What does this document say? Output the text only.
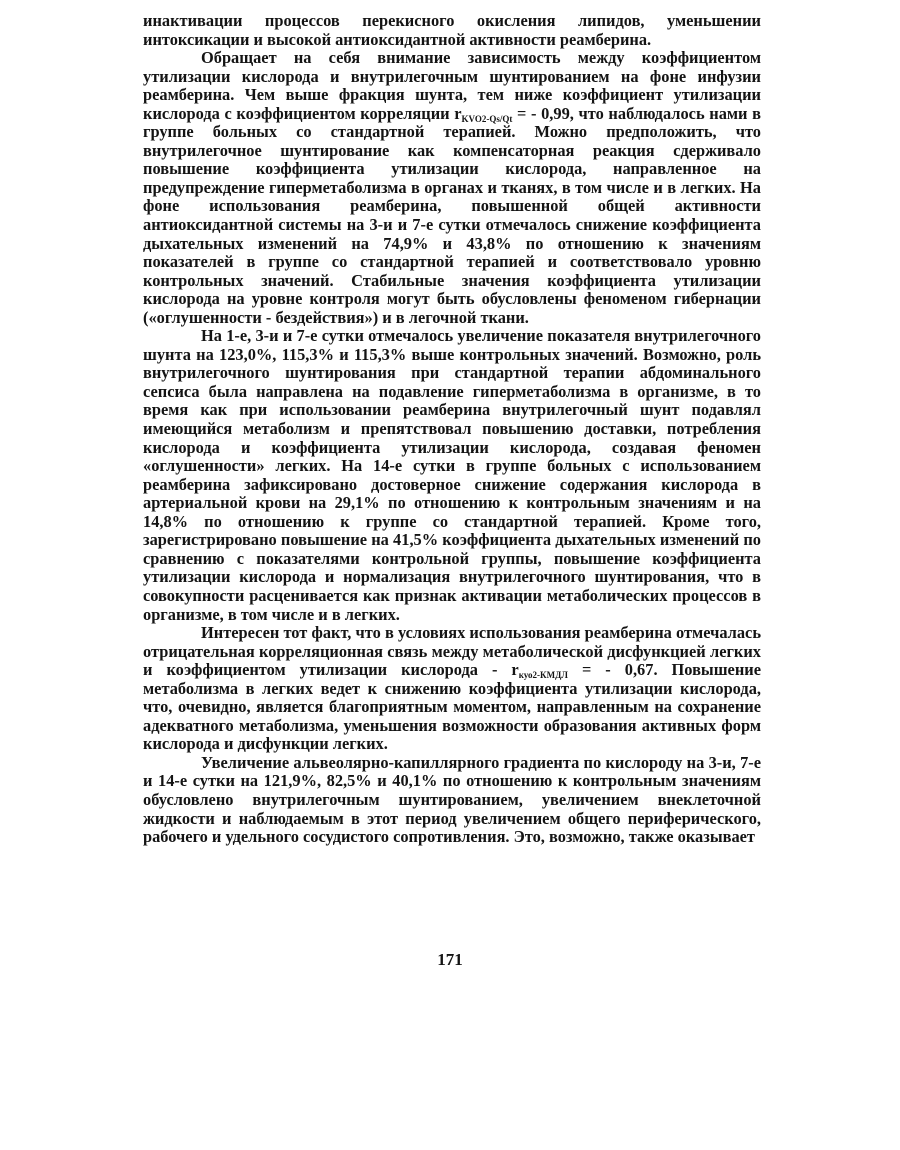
инактивации процессов перекисного окисления липидов, уменьшении интоксикации и высокой антиоксидантной активности реамберина.

Обращает на себя внимание зависимость между коэффициентом утилизации кислорода и внутрилегочным шунтированием на фоне инфузии реамберина. Чем выше фракция шунта, тем ниже коэффициент утилизации кислорода с коэффициентом корреляции $r_{KVO2-Qs/Qt}$ = - 0,99, что наблюдалось нами в группе больных со стандартной терапией. Можно предположить, что внутрилегочное шунтирование как компенсаторная реакция сдерживало повышение коэффициента утилизации кислорода, направленное на предупреждение гиперметаболизма в органах и тканях, в том числе и в легких. На фоне использования реамберина, повышенной общей активности антиоксидантной системы на 3-и и 7-е сутки отмечалось снижение коэффициента дыхательных изменений на 74,9% и 43,8% по отношению к значениям показателей в группе со стандартной терапией и соответствовало уровню контрольных значений. Стабильные значения коэффициента утилизации кислорода на уровне контроля могут быть обусловлены феноменом гибернации («оглушенности - бездействия») и в легочной ткани.

На 1-е, 3-и и 7-е сутки отмечалось увеличение показателя внутрилегочного шунта на 123,0%, 115,3% и 115,3% выше контрольных значений. Возможно, роль внутрилегочного шунтирования при стандартной терапии абдоминального сепсиса была направлена на подавление гиперметаболизма в организме, в то время как при использовании реамберина внутрилегочный шунт подавлял имеющийся метаболизм и препятствовал повышению доставки, потребления кислорода и коэффициента утилизации кислорода, создавая феномен «оглушенности» легких. На 14-е сутки в группе больных с использованием реамберина зафиксировано достоверное снижение содержания кислорода в артериальной крови на 29,1% по отношению к контрольным значениям и на 14,8% по отношению к группе со стандартной терапией. Кроме того, зарегистрировано повышение на 41,5% коэффициента дыхательных изменений по сравнению с показателями контрольной группы, повышение коэффициента утилизации кислорода и нормализация внутрилегочного шунтирования, что в совокупности расценивается как признак активации метаболических процессов в организме, в том числе и в легких.

Интересен тот факт, что в условиях использования реамберина отмечалась отрицательная корреляционная связь между метаболической дисфункцией легких и коэффициентом утилизации кислорода - $r_{куо2-КМДЛ}$ = - 0,67. Повышение метаболизма в легких ведет к снижению коэффициента утилизации кислорода, что, очевидно, является благоприятным моментом, направленным на сохранение адекватного метаболизма, уменьшения возможности образования активных форм кислорода и дисфункции легких.

Увеличение альвеолярно-капиллярного градиента по кислороду на 3-и, 7-е и 14-е сутки на 121,9%, 82,5% и 40,1% по отношению к контрольным значениям обусловлено внутрилегочным шунтированием, увеличением внеклеточной жидкости и наблюдаемым в этот период увеличением общего периферического, рабочего и удельного сосудистого сопротивления. Это, возможно, также оказывает

171
